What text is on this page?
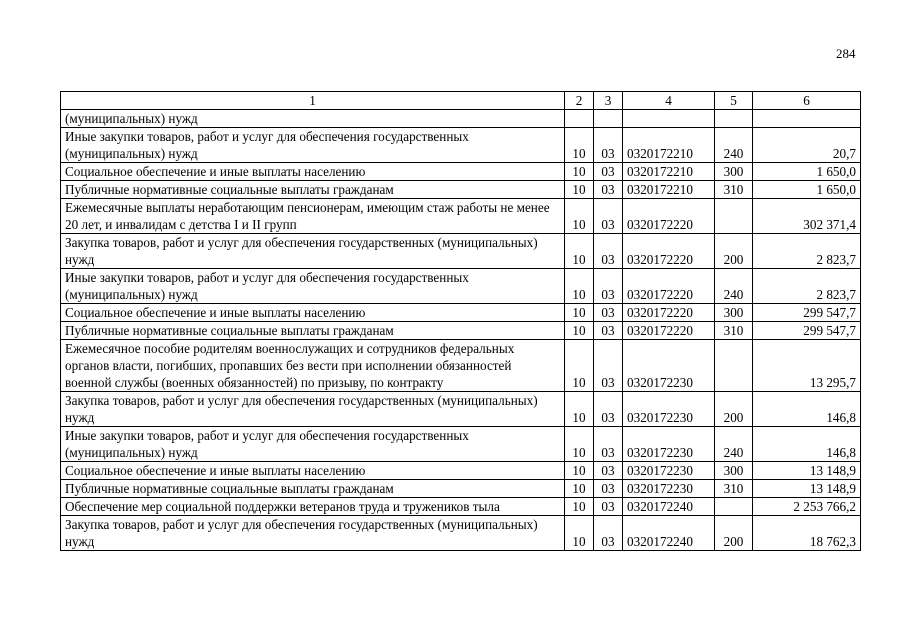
284
1	2	3	4	5	6
(муниципальных) нужд					
Иные закупки товаров, работ и услуг для обеспечения государственных (муниципальных) нужд	10	03	0320172210	240	20,7
Социальное обеспечение и иные выплаты населению	10	03	0320172210	300	1 650,0
Публичные нормативные социальные выплаты гражданам	10	03	0320172210	310	1 650,0
Ежемесячные выплаты неработающим пенсионерам, имеющим стаж работы не менее 20 лет, и инвалидам с детства I и II групп	10	03	0320172220		302 371,4
Закупка товаров, работ и услуг для обеспечения государственных (муниципальных) нужд	10	03	0320172220	200	2 823,7
Иные закупки товаров, работ и услуг для обеспечения государственных (муниципальных) нужд	10	03	0320172220	240	2 823,7
Социальное обеспечение и иные выплаты населению	10	03	0320172220	300	299 547,7
Публичные нормативные социальные выплаты гражданам	10	03	0320172220	310	299 547,7
Ежемесячное пособие родителям военнослужащих и сотрудников федеральных органов власти, погибших, пропавших без вести при исполнении обязанностей военной службы (военных обязанностей) по призыву, по контракту	10	03	0320172230		13 295,7
Закупка товаров, работ и услуг для обеспечения государственных (муниципальных) нужд	10	03	0320172230	200	146,8
Иные закупки товаров, работ и услуг для обеспечения государственных (муниципальных) нужд	10	03	0320172230	240	146,8
Социальное обеспечение и иные выплаты населению	10	03	0320172230	300	13 148,9
Публичные нормативные социальные выплаты гражданам	10	03	0320172230	310	13 148,9
Обеспечение мер социальной поддержки ветеранов труда и тружеников тыла	10	03	0320172240		2 253 766,2
Закупка товаров, работ и услуг для обеспечения государственных (муниципальных) нужд	10	03	0320172240	200	18 762,3
